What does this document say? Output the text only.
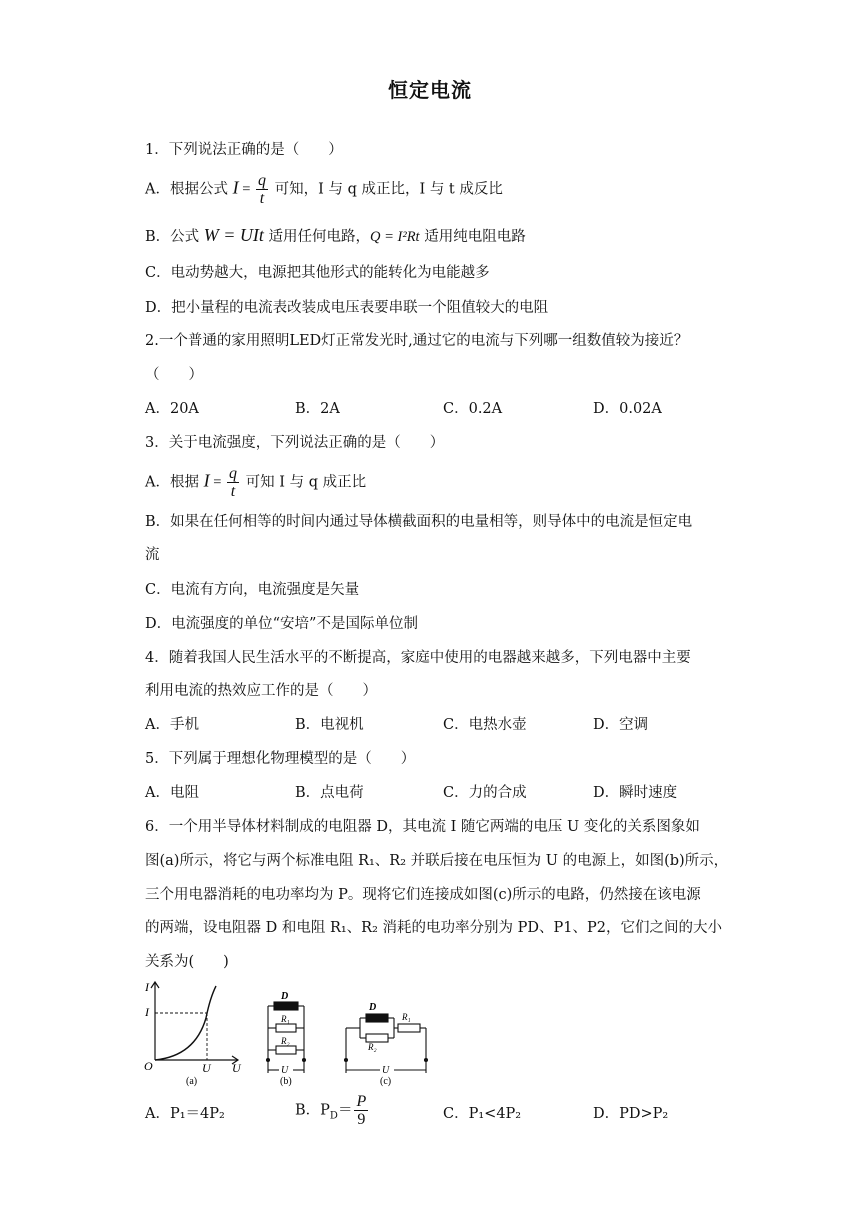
恒定电流
1．下列说法正确的是（　　）
A．根据公式 $I = \frac{q}{t}$ 可知，I 与 q 成正比，I 与 t 成反比
B．公式 W = UIt 适用任何电路，Q = I²Rt 适用纯电阻电路
C．电动势越大，电源把其他形式的能转化为电能越多
D．把小量程的电流表改装成电压表要串联一个阻值较大的电阻
2.一个普通的家用照明LED灯正常发光时,通过它的电流与下列哪一组数值较为接近？
（　　）
A．20A	B．2A	C．0.2A	D．0.02A
3．关于电流强度，下列说法正确的是（　　）
A．根据 $I = \frac{q}{t}$ 可知 I 与 q 成正比
B．如果在任何相等的时间内通过导体横截面积的电量相等，则导体中的电流是恒定电
流
C．电流有方向，电流强度是矢量
D．电流强度的单位“安培”不是国际单位制
4．随着我国人民生活水平的不断提高，家庭中使用的电器越来越多，下列电器中主要
利用电流的热效应工作的是（　　）
A．手机	B．电视机	C．电热水壶	D．空调
5．下列属于理想化物理模型的是（　　）
A．电阻	B．点电荷	C．力的合成	D．瞬时速度
6．一个用半导体材料制成的电阻器 D，其电流 I 随它两端的电压 U 变化的关系图象如
图(a)所示，将它与两个标准电阻 R₁、R₂ 并联后接在电压恒为 U 的电源上，如图(b)所示，
三个用电器消耗的电功率均为 P。现将它们连接成如图(c)所示的电路，仍然接在该电源
的两端，设电阻器 D 和电阻 R₁、R₂ 消耗的电功率分别为 PD、P1、P2，它们之间的大小
关系为(　　)
I
I
O	U U
(a)
D
R₁
R₂
U
(b)
D
R₁
R₂
U
(c)
A．P₁＝4P₂	B．$P_D= \frac{P}{9}$	C．P₁<4P₂	D．PD>P₂
